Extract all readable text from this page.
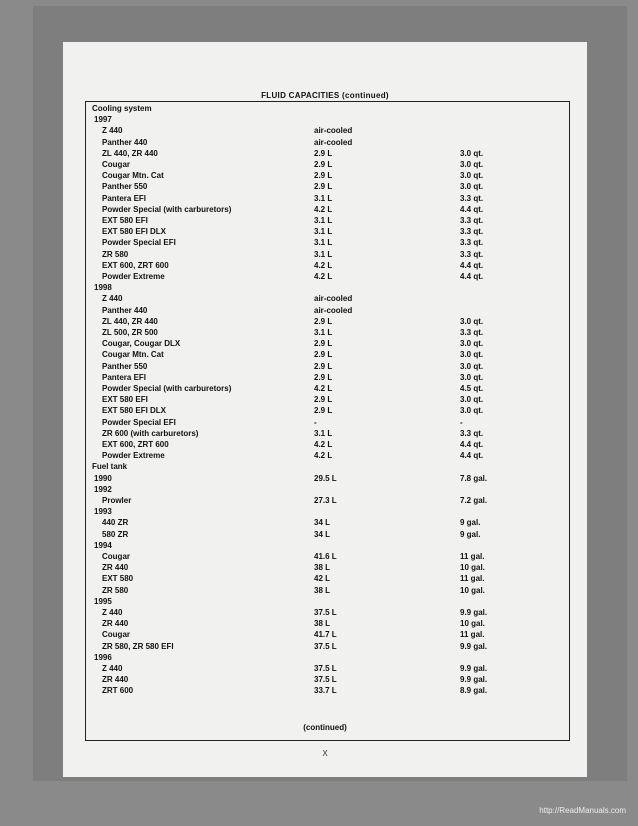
FLUID CAPACITIES (continued)
Cooling system
1997
Z 440	air-cooled
Panther 440	air-cooled
ZL 440, ZR 440	2.9 L	3.0 qt.
Cougar	2.9 L	3.0 qt.
Cougar Mtn. Cat	2.9 L	3.0 qt.
Panther 550	2.9 L	3.0 qt.
Pantera EFI	3.1 L	3.3 qt.
Powder Special (with carburetors)	4.2 L	4.4 qt.
EXT 580 EFI	3.1 L	3.3 qt.
EXT 580 EFI DLX	3.1 L	3.3 qt.
Powder Special EFI	3.1 L	3.3 qt.
ZR 580	3.1 L	3.3 qt.
EXT 600, ZRT 600	4.2 L	4.4 qt.
Powder Extreme	4.2 L	4.4 qt.
1998
Z 440	air-cooled
Panther 440	air-cooled
ZL 440, ZR 440	2.9 L	3.0 qt.
ZL 500, ZR 500	3.1 L	3.3 qt.
Cougar, Cougar DLX	2.9 L	3.0 qt.
Cougar Mtn. Cat	2.9 L	3.0 qt.
Panther 550	2.9 L	3.0 qt.
Pantera EFI	2.9 L	3.0 qt.
Powder Special (with carburetors)	4.2 L	4.5 qt.
EXT 580 EFI	2.9 L	3.0 qt.
EXT 580 EFI DLX	2.9 L	3.0 qt.
Powder Special EFI	-	-
ZR 600 (with carburetors)	3.1 L	3.3 qt.
EXT 600, ZRT 600	4.2 L	4.4 qt.
Powder Extreme	4.2 L	4.4 qt.
Fuel tank
1990	29.5 L	7.8 gal.
1992
Prowler	27.3 L	7.2 gal.
1993
440 ZR	34 L	9 gal.
580 ZR	34 L	9 gal.
1994
Cougar	41.6 L	11 gal.
ZR 440	38 L	10 gal.
EXT 580	42 L	11 gal.
ZR 580	38 L	10 gal.
1995
Z 440	37.5 L	9.9 gal.
ZR 440	38 L	10 gal.
Cougar	41.7 L	11 gal.
ZR 580, ZR 580 EFI	37.5 L	9.9 gal.
1996
Z 440	37.5 L	9.9 gal.
ZR 440	37.5 L	9.9 gal.
ZRT 600	33.7 L	8.9 gal.
(continued)
X
http://ReadManuals.com
